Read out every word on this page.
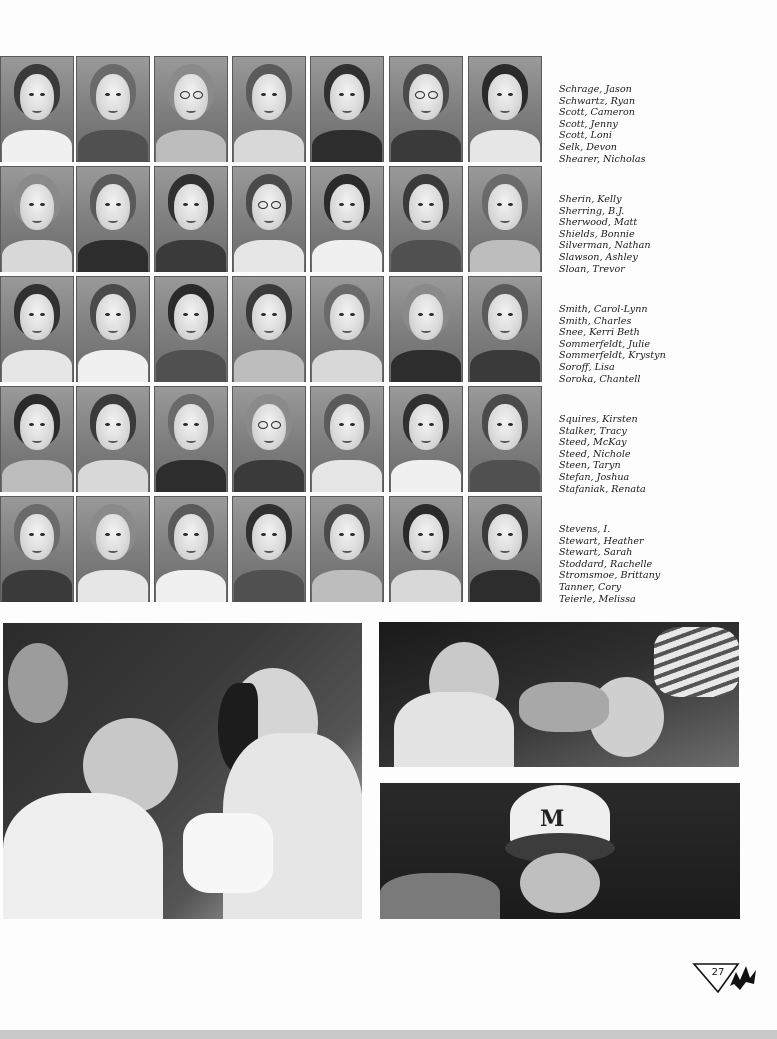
Schrage, Jason
Schwartz, Ryan
Scott, Cameron
Scott, Jenny
Scott, Loni
Selk, Devon
Shearer, Nicholas
Sherin, Kelly
Sherring, B.J.
Sherwood, Matt
Shields, Bonnie
Silverman, Nathan
Slawson, Ashley
Sloan, Trevor
Smith, Carol-Lynn
Smith, Charles
Snee, Kerri Beth
Sommerfeldt, Julie
Sommerfeldt, Krystyn
Soroff, Lisa
Soroka, Chantell
Squires, Kirsten
Stalker, Tracy
Steed, McKay
Steed, Nichole
Steen, Taryn
Stefan, Joshua
Stafaniak, Renata
Stevens, I.
Stewart, Heather
Stewart, Sarah
Stoddard, Rachelle
Stromsmoe, Brittany
Tanner, Cory
Teierle, Melissa
M
27
